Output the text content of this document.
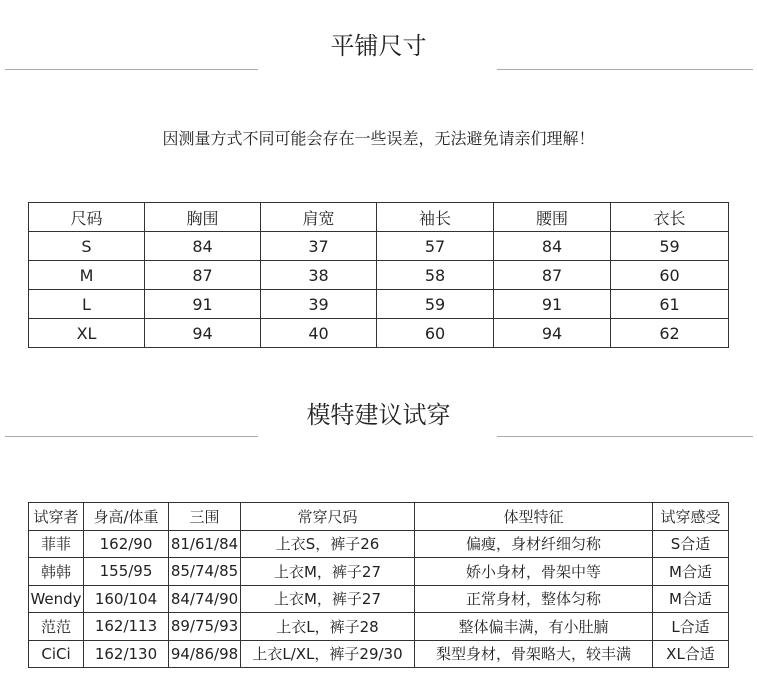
平铺尺寸
因测量方式不同可能会存在一些误差，无法避免请亲们理解！
尺码	胸围	肩宽	袖长	腰围	衣长
S	84	37	57	84	59
M	87	38	58	87	60
L	91	39	59	91	61
XL	94	40	60	94	62
模特建议试穿
试穿者	身高/体重	三围	常穿尺码	体型特征	试穿感受
菲菲	162/90	81/61/84	上衣S，裤子26	偏瘦，身材纤细匀称	S合适
韩韩	155/95	85/74/85	上衣M，裤子27	娇小身材，骨架中等	M合适
Wendy	160/104	84/74/90	上衣M，裤子27	正常身材，整体匀称	M合适
范范	162/113	89/75/93	上衣L，裤子28	整体偏丰满，有小肚腩	L合适
CiCi	162/130	94/86/98	上衣L/XL，裤子29/30	梨型身材，骨架略大，较丰满	XL合适
